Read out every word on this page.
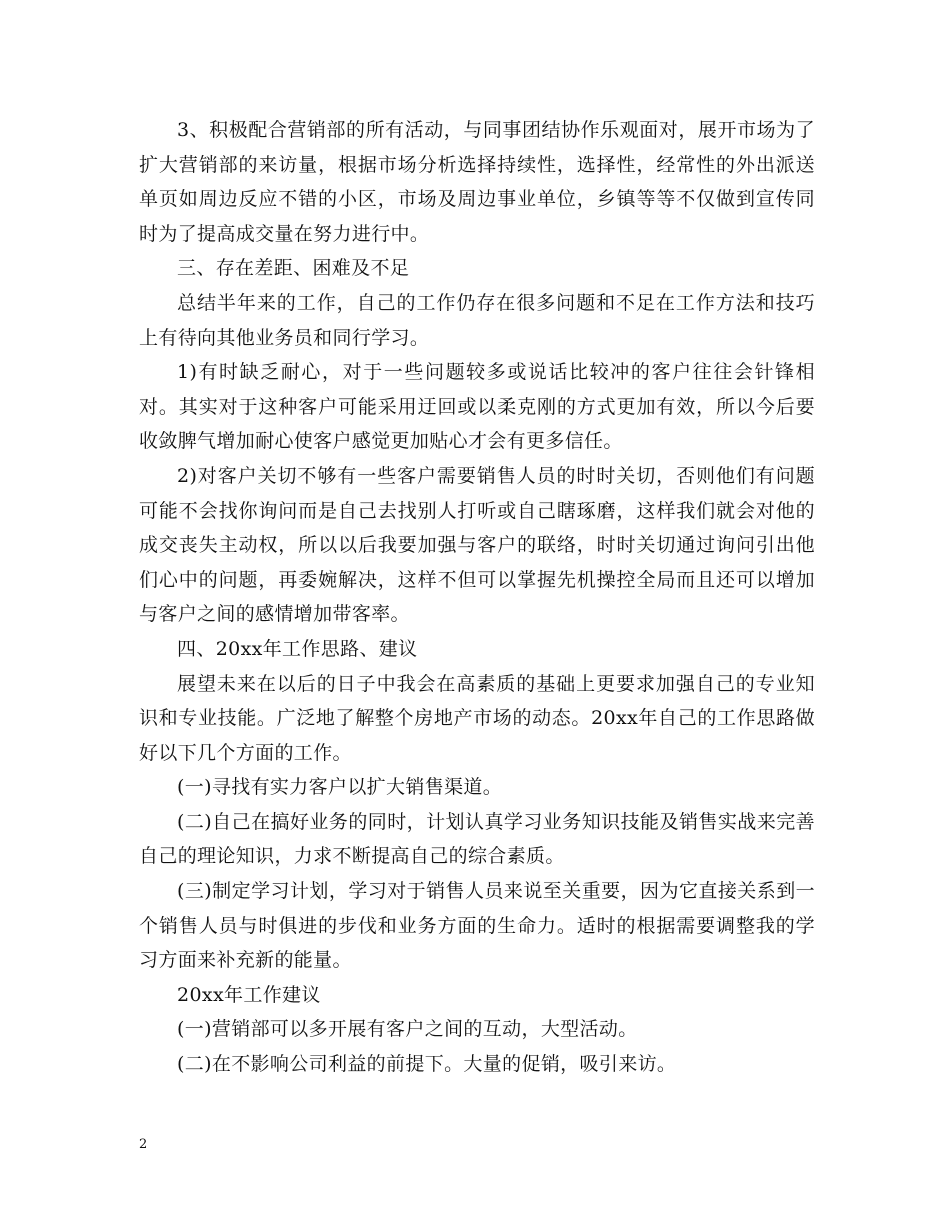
3、积极配合营销部的所有活动，与同事团结协作乐观面对，展开市场为了扩大营销部的来访量，根据市场分析选择持续性，选择性，经常性的外出派送单页如周边反应不错的小区，市场及周边事业单位，乡镇等等不仅做到宣传同时为了提高成交量在努力进行中。

三、存在差距、困难及不足

总结半年来的工作，自己的工作仍存在很多问题和不足在工作方法和技巧上有待向其他业务员和同行学习。

1)有时缺乏耐心，对于一些问题较多或说话比较冲的客户往往会针锋相对。其实对于这种客户可能采用迂回或以柔克刚的方式更加有效，所以今后要收敛脾气增加耐心使客户感觉更加贴心才会有更多信任。

2)对客户关切不够有一些客户需要销售人员的时时关切，否则他们有问题可能不会找你询问而是自己去找别人打听或自己瞎琢磨，这样我们就会对他的成交丧失主动权，所以以后我要加强与客户的联络，时时关切通过询问引出他们心中的问题，再委婉解决，这样不但可以掌握先机操控全局而且还可以增加与客户之间的感情增加带客率。

四、20xx年工作思路、建议

展望未来在以后的日子中我会在高素质的基础上更要求加强自己的专业知识和专业技能。广泛地了解整个房地产市场的动态。20xx年自己的工作思路做好以下几个方面的工作。

(一)寻找有实力客户以扩大销售渠道。

(二)自己在搞好业务的同时，计划认真学习业务知识技能及销售实战来完善自己的理论知识，力求不断提高自己的综合素质。

(三)制定学习计划，学习对于销售人员来说至关重要，因为它直接关系到一个销售人员与时俱进的步伐和业务方面的生命力。适时的根据需要调整我的学习方面来补充新的能量。

20xx年工作建议

(一)营销部可以多开展有客户之间的互动，大型活动。

(二)在不影响公司利益的前提下。大量的促销，吸引来访。

2
